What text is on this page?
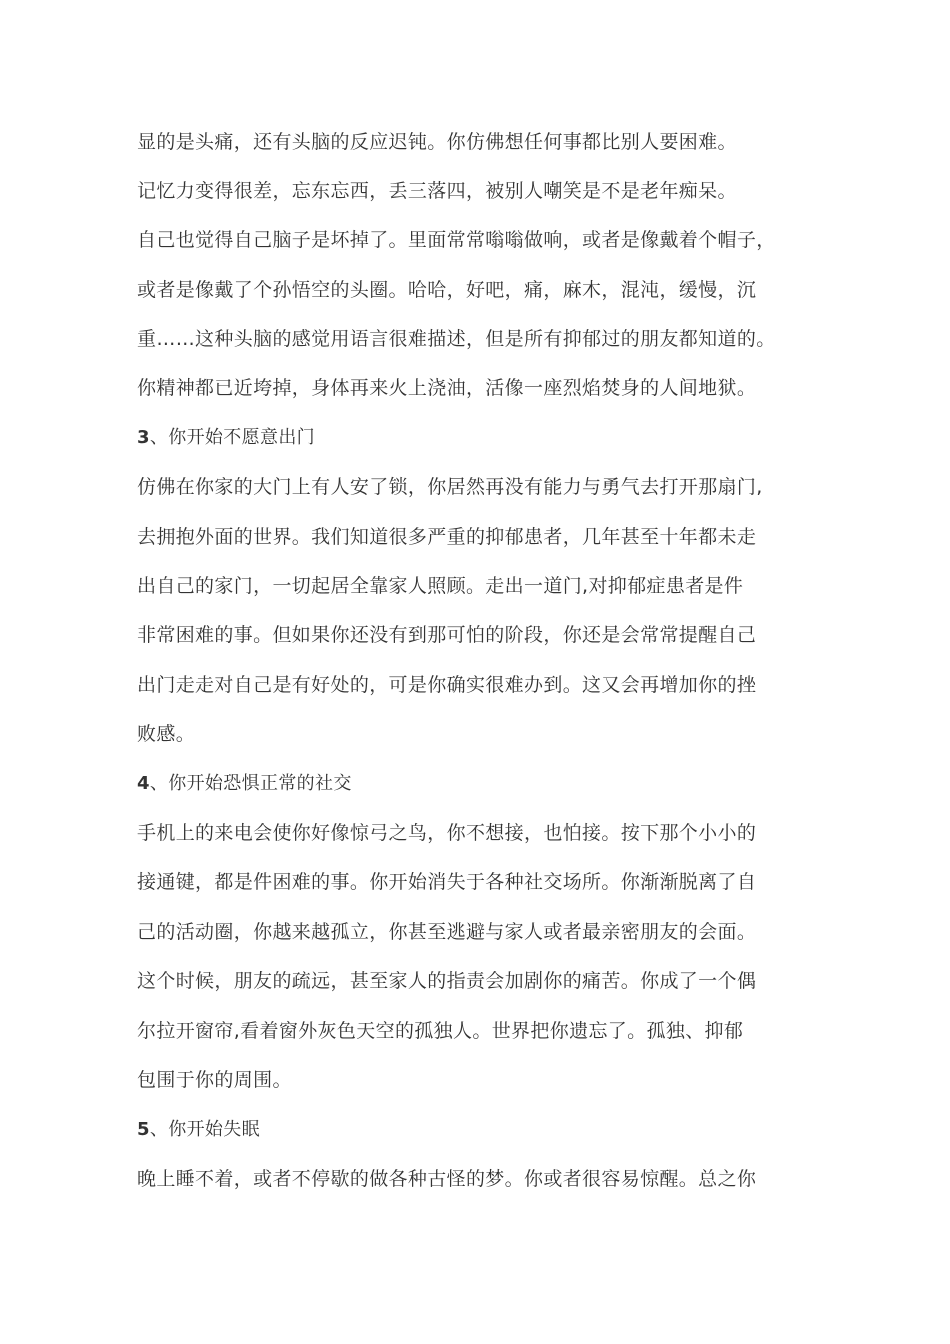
显的是头痛，还有头脑的反应迟钝。你仿佛想任何事都比别人要困难。
记忆力变得很差，忘东忘西，丢三落四，被别人嘲笑是不是老年痴呆。
自己也觉得自己脑子是坏掉了。里面常常嗡嗡做响，或者是像戴着个帽子，
或者是像戴了个孙悟空的头圈。哈哈，好吧，痛，麻木，混沌，缓慢，沉
重……这种头脑的感觉用语言很难描述，但是所有抑郁过的朋友都知道的。
你精神都已近垮掉，身体再来火上浇油，活像一座烈焰焚身的人间地狱。
3、你开始不愿意出门
仿佛在你家的大门上有人安了锁，你居然再没有能力与勇气去打开那扇门,
去拥抱外面的世界。我们知道很多严重的抑郁患者，几年甚至十年都未走
出自己的家门，一切起居全靠家人照顾。走出一道门,对抑郁症患者是件
非常困难的事。但如果你还没有到那可怕的阶段，你还是会常常提醒自己
出门走走对自己是有好处的，可是你确实很难办到。这又会再增加你的挫
败感。
4、你开始恐惧正常的社交
手机上的来电会使你好像惊弓之鸟，你不想接，也怕接。按下那个小小的
接通键，都是件困难的事。你开始消失于各种社交场所。你渐渐脱离了自
己的活动圈，你越来越孤立，你甚至逃避与家人或者最亲密朋友的会面。
这个时候，朋友的疏远，甚至家人的指责会加剧你的痛苦。你成了一个偶
尔拉开窗帘,看着窗外灰色天空的孤独人。世界把你遗忘了。孤独、抑郁
包围于你的周围。
5、你开始失眠
晚上睡不着，或者不停歇的做各种古怪的梦。你或者很容易惊醒。总之你
